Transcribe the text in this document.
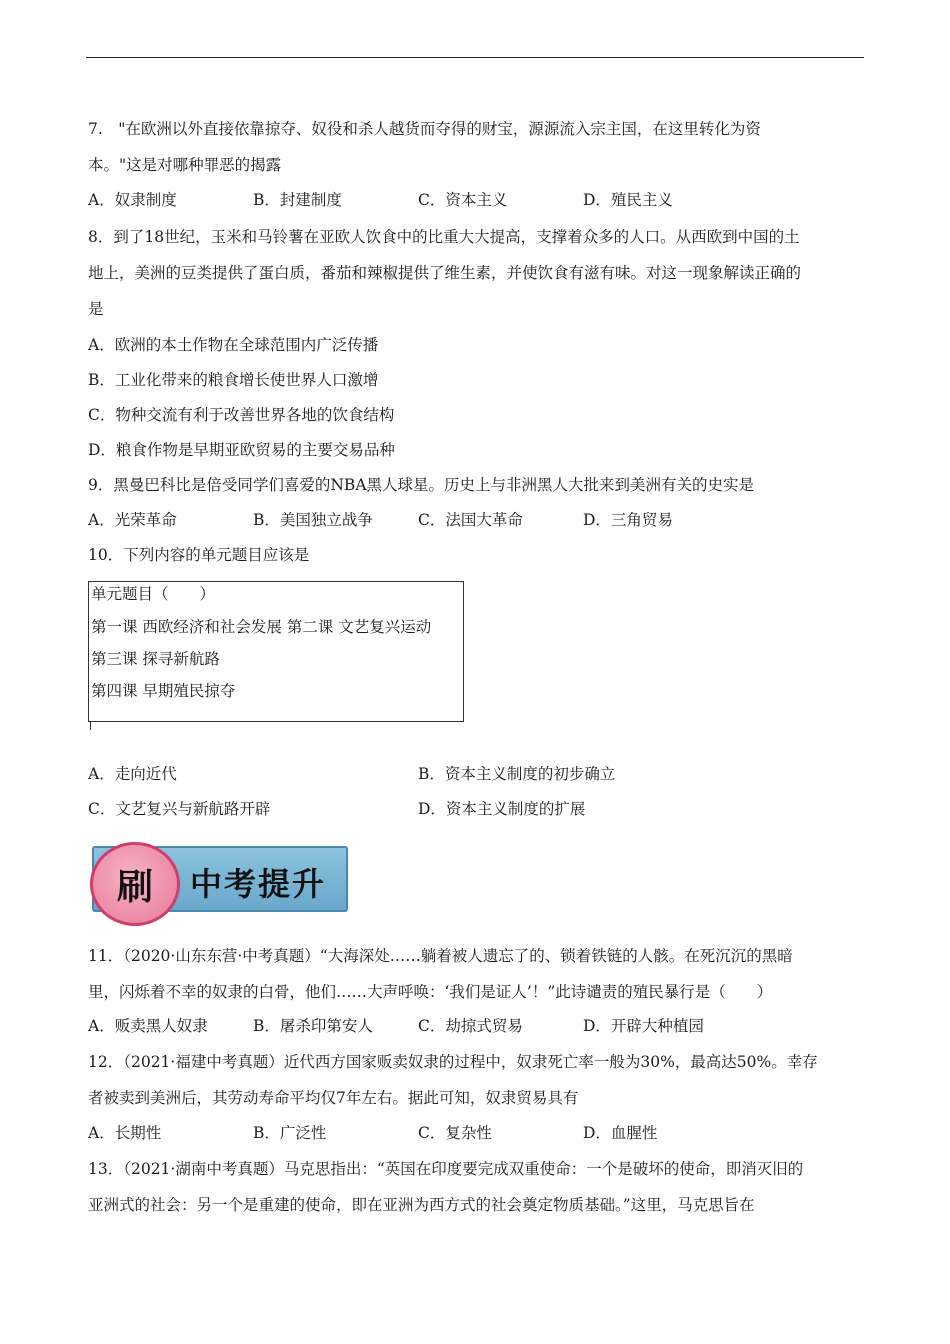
7.　"在欧洲以外直接依靠掠夺、奴役和杀人越货而夺得的财宝，源源流入宗主国，在这里转化为资
本。"这是对哪种罪恶的揭露
A．奴隶制度	B．封建制度	C．资本主义	D．殖民主义
8．到了18世纪，玉米和马铃薯在亚欧人饮食中的比重大大提高，支撑着众多的人口。从西欧到中国的土
地上，美洲的豆类提供了蛋白质，番茄和辣椒提供了维生素，并使饮食有滋有味。对这一现象解读正确的
是
A．欧洲的本土作物在全球范围内广泛传播
B．工业化带来的粮食增长使世界人口激增
C．物种交流有利于改善世界各地的饮食结构
D．粮食作物是早期亚欧贸易的主要交易品种
9．黑曼巴科比是倍受同学们喜爱的NBA黑人球星。历史上与非洲黑人大批来到美洲有关的史实是
A．光荣革命	B．美国独立战争	C．法国大革命	D．三角贸易
10．下列内容的单元题目应该是
单元题目（　　）
第一课 西欧经济和社会发展 第二课 文艺复兴运动
第三课 探寻新航路
第四课 早期殖民掠夺
A．走向近代	B．资本主义制度的初步确立
C．文艺复兴与新航路开辟	D．资本主义制度的扩展
刷	中考提升
11．（2020·山东东营·中考真题）“大海深处……躺着被人遗忘了的、锁着铁链的人骸。在死沉沉的黑暗
里，闪烁着不幸的奴隶的白骨，他们……大声呼唤：‘我们是证人’！”此诗谴责的殖民暴行是（　　）
A．贩卖黑人奴隶	B．屠杀印第安人	C．劫掠式贸易	D．开辟大种植园
12．（2021·福建中考真题）近代西方国家贩卖奴隶的过程中，奴隶死亡率一般为30%，最高达50%。幸存
者被卖到美洲后，其劳动寿命平均仅7年左右。据此可知，奴隶贸易具有
A．长期性	B．广泛性	C．复杂性	D．血腥性
13．（2021·湖南中考真题）马克思指出：“英国在印度要完成双重使命：一个是破坏的使命，即消灭旧的
亚洲式的社会：另一个是重建的使命，即在亚洲为西方式的社会奠定物质基础。”这里，马克思旨在
